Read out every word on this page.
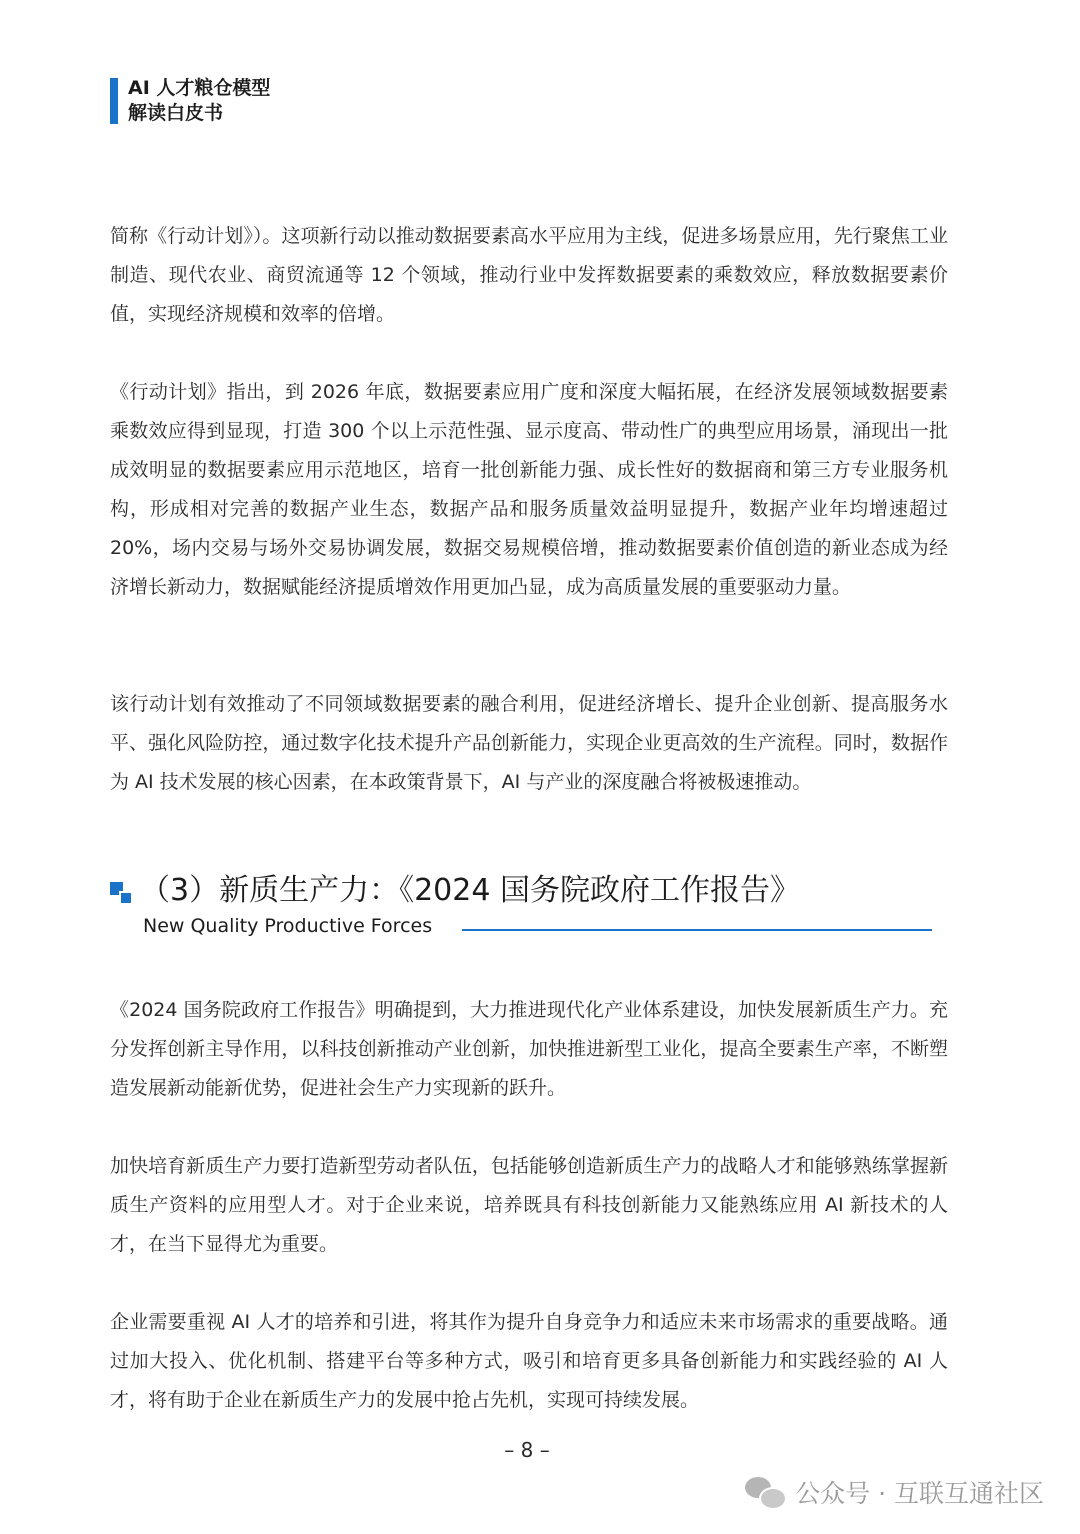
AI 人才粮仓模型
解读白皮书

简称《行动计划》）。这项新行动以推动数据要素高水平应用为主线，促进多场景应用，先行聚焦工业制造、现代农业、商贸流通等 12 个领域，推动行业中发挥数据要素的乘数效应，释放数据要素价值，实现经济规模和效率的倍增。

《行动计划》指出，到 2026 年底，数据要素应用广度和深度大幅拓展，在经济发展领域数据要素乘数效应得到显现，打造 300 个以上示范性强、显示度高、带动性广的典型应用场景，涌现出一批成效明显的数据要素应用示范地区，培育一批创新能力强、成长性好的数据商和第三方专业服务机构，形成相对完善的数据产业生态，数据产品和服务质量效益明显提升，数据产业年均增速超过 20%，场内交易与场外交易协调发展，数据交易规模倍增，推动数据要素价值创造的新业态成为经济增长新动力，数据赋能经济提质增效作用更加凸显，成为高质量发展的重要驱动力量。

该行动计划有效推动了不同领域数据要素的融合利用，促进经济增长、提升企业创新、提高服务水平、强化风险防控，通过数字化技术提升产品创新能力，实现企业更高效的生产流程。同时，数据作为 AI 技术发展的核心因素，在本政策背景下，AI 与产业的深度融合将被极速推动。

（3）新质生产力：《2024 国务院政府工作报告》
New Quality Productive Forces

《2024 国务院政府工作报告》明确提到，大力推进现代化产业体系建设，加快发展新质生产力。充分发挥创新主导作用，以科技创新推动产业创新，加快推进新型工业化，提高全要素生产率，不断塑造发展新动能新优势，促进社会生产力实现新的跃升。

加快培育新质生产力要打造新型劳动者队伍，包括能够创造新质生产力的战略人才和能够熟练掌握新质生产资料的应用型人才。对于企业来说，培养既具有科技创新能力又能熟练应用 AI 新技术的人才，在当下显得尤为重要。

企业需要重视 AI 人才的培养和引进，将其作为提升自身竞争力和适应未来市场需求的重要战略。通过加大投入、优化机制、搭建平台等多种方式，吸引和培育更多具备创新能力和实践经验的 AI 人才，将有助于企业在新质生产力的发展中抢占先机，实现可持续发展。

– 8 –
公众号 · 互联互通社区
